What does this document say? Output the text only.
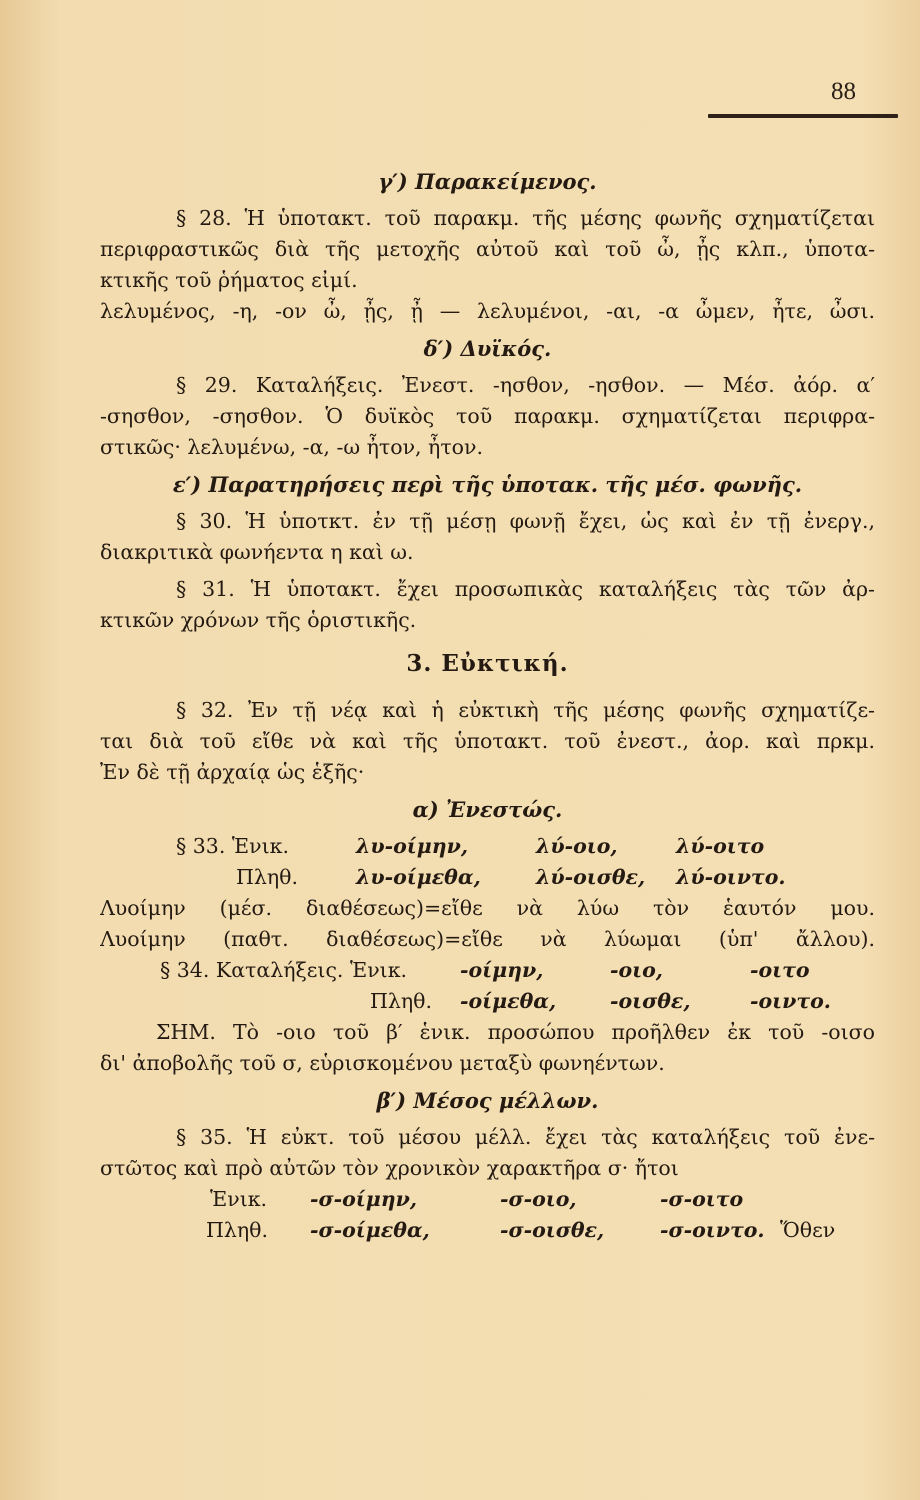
88

γ′) Παρακείμενος.

§ 28. Ἡ ὑποτακτ. τοῦ παρακμ. τῆς μέσης φωνῆς σχηματίζεται

περιφραστικῶς διὰ τῆς μετοχῆς αὐτοῦ καὶ τοῦ ὦ, ᾖς κλπ., ὑποτα-

κτικῆς τοῦ ῥήματος εἰμί.

λελυμένος, -η, -ον ὦ, ᾖς, ᾖ — λελυμένοι, -αι, -α ὦμεν, ἦτε, ὦσι.

δ′) Δυϊκός.

§ 29. Καταλήξεις. Ἐνεστ. -ησθον, -ησθον. — Μέσ. ἀόρ. α′

-σησθον, -σησθον. Ὁ δυϊκὸς τοῦ παρακμ. σχηματίζεται περιφρα-

στικῶς· λελυμένω, -α, -ω ἦτον, ἦτον.

ε′) Παρατηρήσεις περὶ τῆς ὑποτακ. τῆς μέσ. φωνῆς.

§ 30. Ἡ ὑποτκτ. ἐν τῇ μέσῃ φωνῇ ἔχει, ὡς καὶ ἐν τῇ ἐνεργ.,

διακριτικὰ φωνήεντα η καὶ ω.

§ 31. Ἡ ὑποτακτ. ἔχει προσωπικὰς καταλήξεις τὰς τῶν ἀρ-

κτικῶν χρόνων τῆς ὁριστικῆς.

3. Εὐκτική.

§ 32. Ἐν τῇ νέᾳ καὶ ἡ εὐκτικὴ τῆς μέσης φωνῆς σχηματίζε-

ται διὰ τοῦ εἴθε νὰ καὶ τῆς ὑποτακτ. τοῦ ἐνεστ., ἀορ. καὶ πρκμ.

Ἐν δὲ τῇ ἀρχαίᾳ ὡς ἑξῆς·

α) Ἐνεστώς.

§ 33. Ἑνικ.	λυ-οίμην,	λύ-οιο,	λύ-οιτο
Πληθ.	λυ-οίμεθα,	λύ-οισθε,	λύ-οιντο.

Λυοίμην (μέσ. διαθέσεως)=εἴθε νὰ λύω τὸν ἑαυτόν μου.

Λυοίμην (παθτ. διαθέσεως)=εἴθε νὰ λύωμαι (ὑπ' ἄλλου).

§ 34. Καταλήξεις. Ἑνικ.	-οίμην,	-οιο,	-οιτο
Πληθ.	-οίμεθα,	-οισθε,	-οιντο.

ΣΗΜ. Τὸ -οιο τοῦ β′ ἑνικ. προσώπου προῆλθεν ἐκ τοῦ -οισο

δι' ἀποβολῆς τοῦ σ, εὑρισκομένου μεταξὺ φωνηέντων.

β′) Μέσος μέλλων.

§ 35. Ἡ εὐκτ. τοῦ μέσου μέλλ. ἔχει τὰς καταλήξεις τοῦ ἐνε-

στῶτος καὶ πρὸ αὐτῶν τὸν χρονικὸν χαρακτῆρα σ· ἤτοι

Ἑνικ.	-σ-οίμην,	-σ-οιο,	-σ-οιτο
Πληθ.	-σ-οίμεθα,	-σ-οισθε,	-σ-οιντο. Ὅθεν
